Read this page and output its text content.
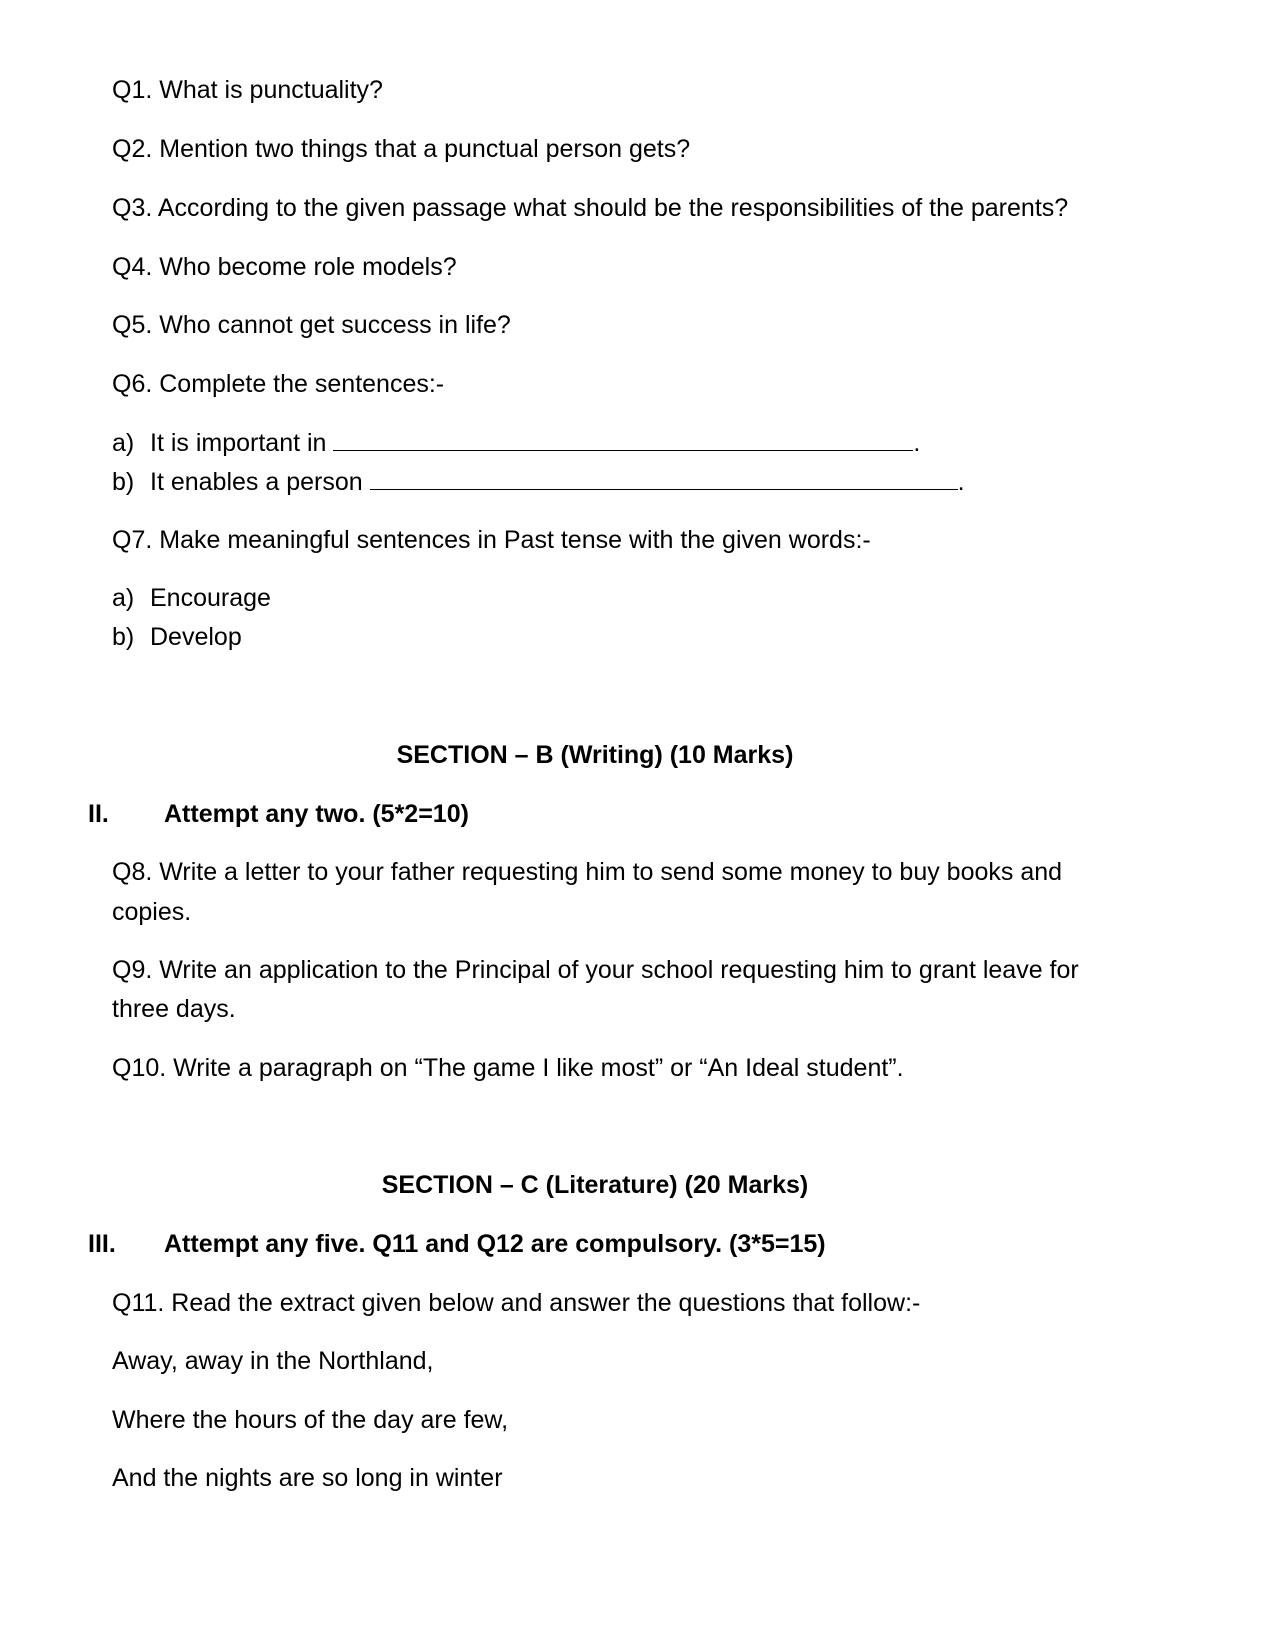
Q1. What is punctuality?
Q2. Mention two things that a punctual person gets?
Q3. According to the given passage what should be the responsibilities of the parents?
Q4. Who become role models?
Q5. Who cannot get success in life?
Q6. Complete the sentences:-
a) It is important in	.
b) It enables a person	.
Q7. Make meaningful sentences in Past tense with the given words:-
a) Encourage
b) Develop
SECTION – B (Writing) (10 Marks)
II. Attempt any two. (5*2=10)
Q8. Write a letter to your father requesting him to send some money to buy books and
copies.
Q9. Write an application to the Principal of your school requesting him to grant leave for
three days.
Q10. Write a paragraph on “The game I like most” or “An Ideal student”.
SECTION – C (Literature) (20 Marks)
III. Attempt any five. Q11 and Q12 are compulsory. (3*5=15)
Q11. Read the extract given below and answer the questions that follow:-
Away, away in the Northland,
Where the hours of the day are few,
And the nights are so long in winter
